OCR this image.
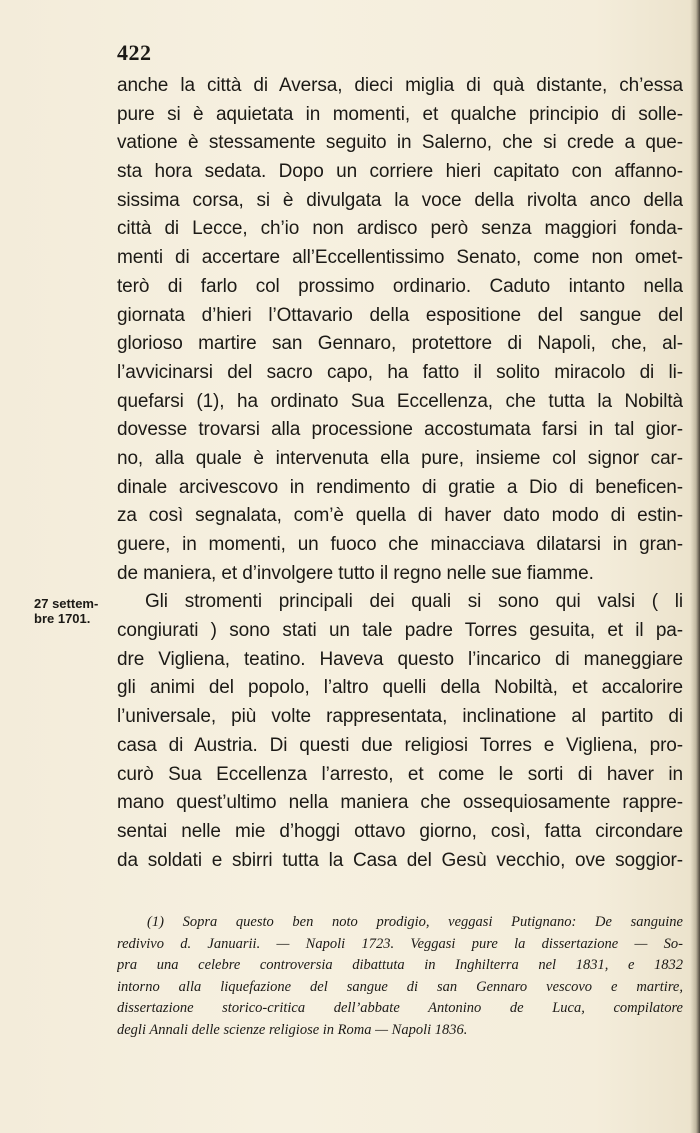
422
27 settem-
bre 1701.
anche la città di Aversa, dieci miglia di quà distante, ch’essa
pure si è aquietata in momenti, et qualche principio di solle-
vatione è stessamente seguito in Salerno, che si crede a que-
sta hora sedata. Dopo un corriere hieri capitato con affanno-
sissima corsa, si è divulgata la voce della rivolta anco della
città di Lecce, ch’io non ardisco però senza maggiori fonda-
menti di accertare all’Eccellentissimo Senato, come non omet-
terò di farlo col prossimo ordinario. Caduto intanto nella
giornata d’hieri l’Ottavario della espositione del sangue del
glorioso martire san Gennaro, protettore di Napoli, che, al-
l’avvicinarsi del sacro capo, ha fatto il solito miracolo di li-
quefarsi (1), ha ordinato Sua Eccellenza, che tutta la Nobiltà
dovesse trovarsi alla processione accostumata farsi in tal gior-
no, alla quale è intervenuta ella pure, insieme col signor car-
dinale arcivescovo in rendimento di gratie a Dio di beneficen-
za così segnalata, com’è quella di haver dato modo di estin-
guere, in momenti, un fuoco che minacciava dilatarsi in gran-
de maniera, et d’involgere tutto il regno nelle sue fiamme.
Gli stromenti principali dei quali si sono qui valsi ( li
congiurati ) sono stati un tale padre Torres gesuita, et il pa-
dre Vigliena, teatino. Haveva questo l’incarico di maneggiare
gli animi del popolo, l’altro quelli della Nobiltà, et accalorire
l’universale, più volte rappresentata, inclinatione al partito di
casa di Austria. Di questi due religiosi Torres e Vigliena, pro-
curò Sua Eccellenza l’arresto, et come le sorti di haver in
mano quest’ultimo nella maniera che ossequiosamente rappre-
sentai nelle mie d’hoggi ottavo giorno, così, fatta circondare
da soldati e sbirri tutta la Casa del Gesù vecchio, ove soggior-
(1) Sopra questo ben noto prodigio, veggasi Putignano: De sanguine
redivivo d. Januarii. — Napoli 1723. Veggasi pure la dissertazione — So-
pra una celebre controversia dibattuta in Inghilterra nel 1831, e 1832
intorno alla liquefazione del sangue di san Gennaro vescovo e martire,
dissertazione storico-critica dell’abbate Antonino de Luca, compilatore
degli Annali delle scienze religiose in Roma — Napoli 1836.
